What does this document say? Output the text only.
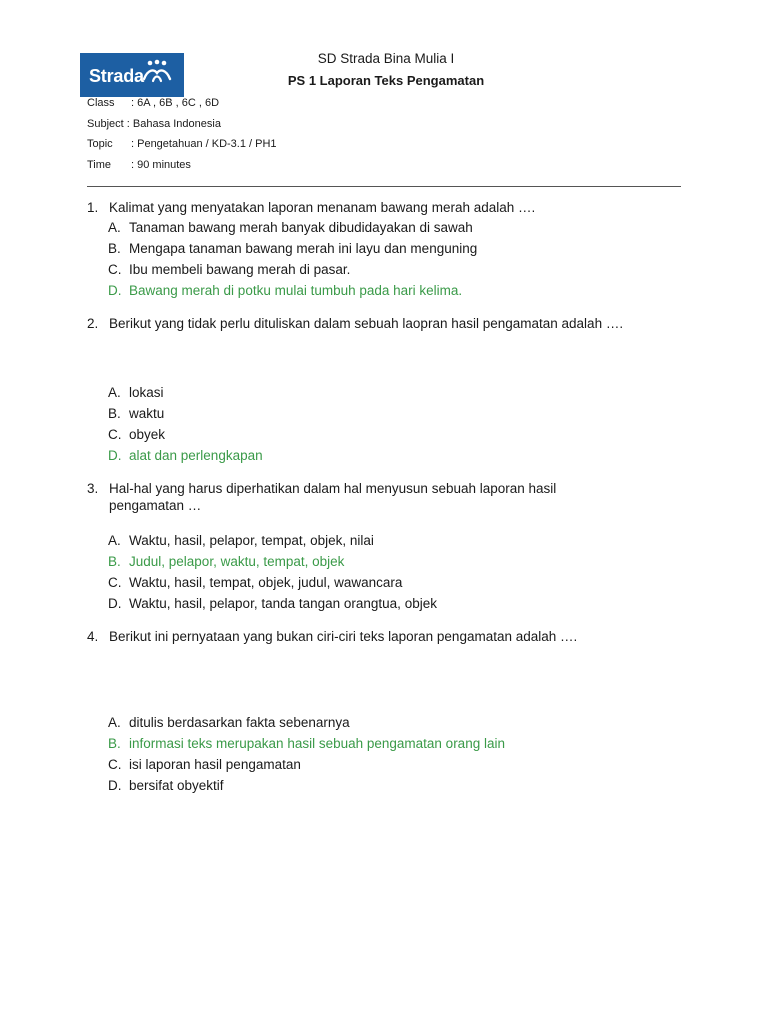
Strada
SD Strada Bina Mulia I
PS 1 Laporan Teks Pengamatan
Class : 6A , 6B , 6C , 6D
Subject : Bahasa Indonesia
Topic : Pengetahuan / KD-3.1 / PH1
Time : 90 minutes
1. Kalimat yang menyatakan laporan menanam bawang merah adalah ….
A. Tanaman bawang merah banyak dibudidayakan di sawah
B. Mengapa tanaman bawang merah ini layu dan menguning
C. Ibu membeli bawang merah di pasar.
D. Bawang merah di potku mulai tumbuh pada hari kelima.
2. Berikut yang tidak perlu dituliskan dalam sebuah laopran hasil pengamatan adalah ….
A. lokasi
B. waktu
C. obyek
D. alat dan perlengkapan
3. Hal-hal yang harus diperhatikan dalam hal menyusun sebuah laporan hasil pengamatan …
A. Waktu, hasil, pelapor, tempat, objek, nilai
B. Judul, pelapor, waktu, tempat, objek
C. Waktu, hasil, tempat, objek, judul, wawancara
D. Waktu, hasil, pelapor, tanda tangan orangtua, objek
4. Berikut ini pernyataan yang bukan ciri-ciri teks laporan pengamatan adalah ….
A. ditulis berdasarkan fakta sebenarnya
B. informasi teks merupakan hasil sebuah pengamatan orang lain
C. isi laporan hasil pengamatan
D. bersifat obyektif
